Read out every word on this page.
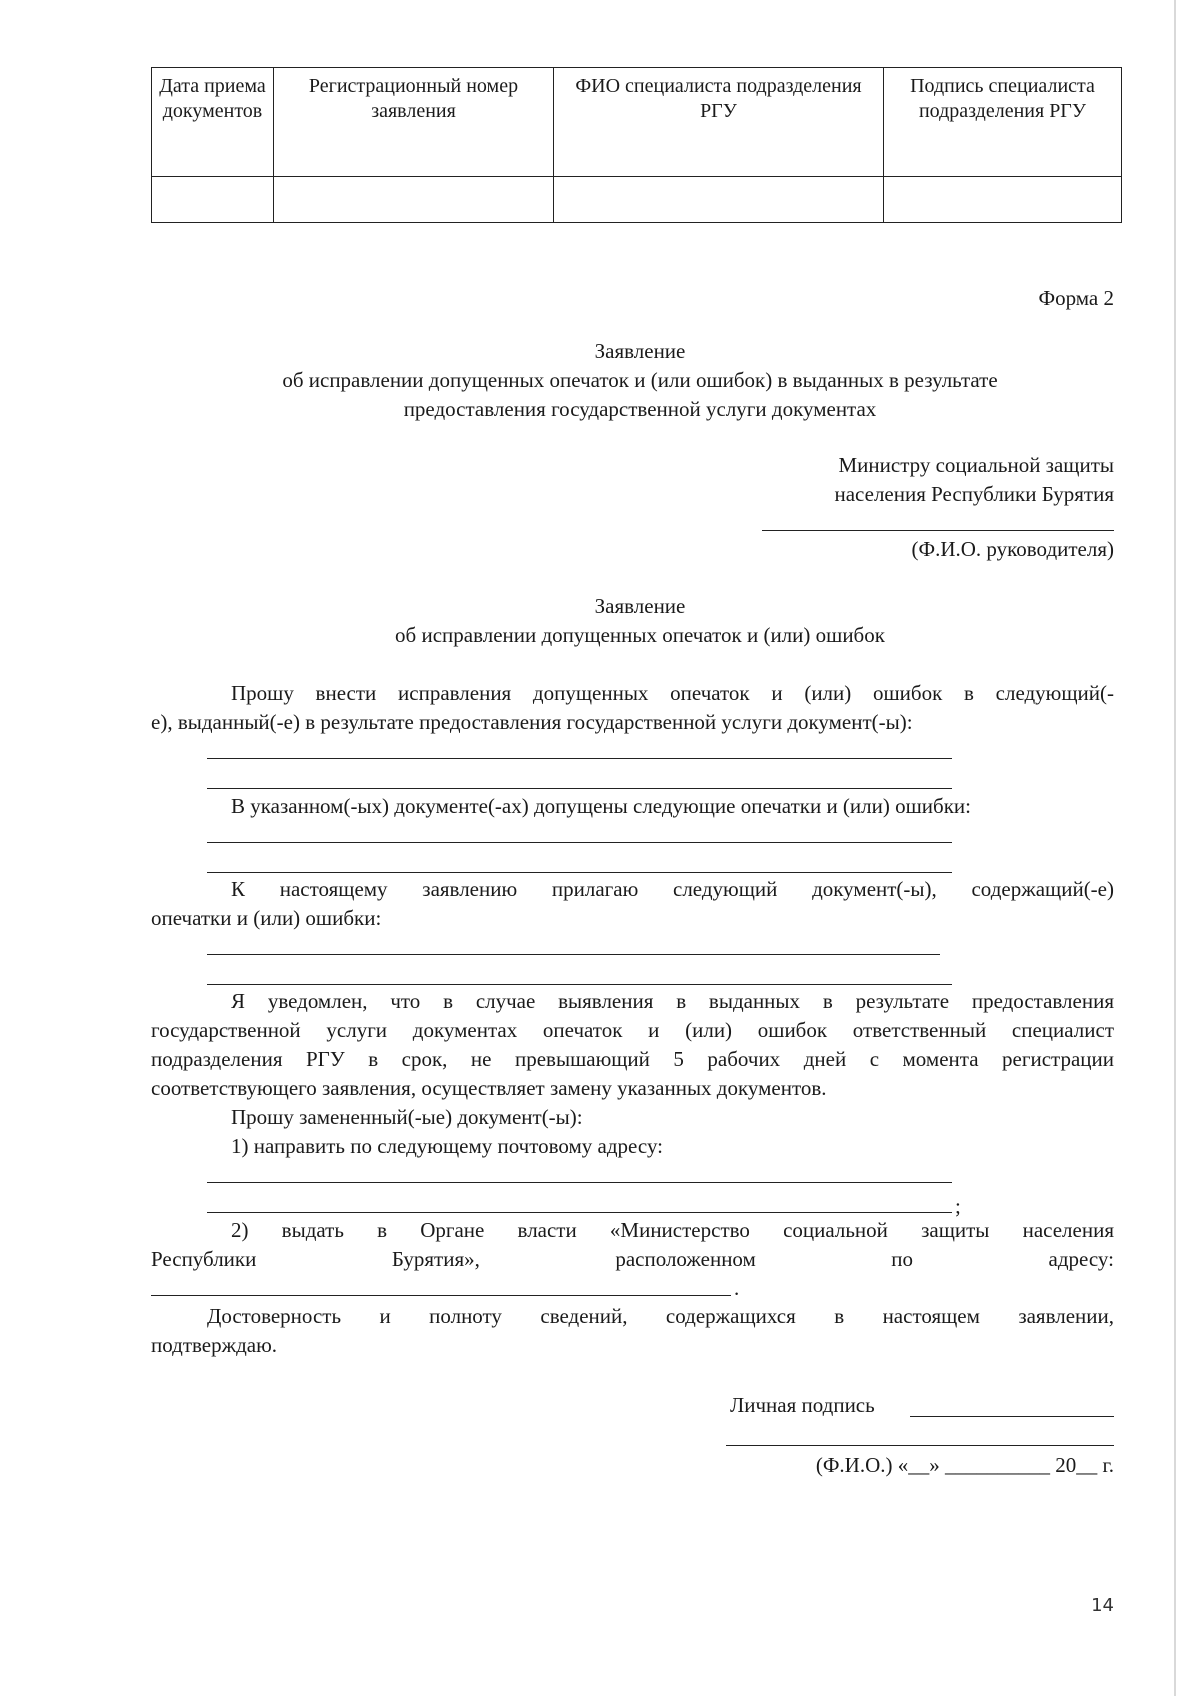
Дата приема документов	Регистрационный номер заявления	ФИО специалиста подразделения РГУ	Подпись специалиста подразделения РГУ

Форма 2
Заявление
об исправлении допущенных опечаток и (или ошибок) в выданных в результате
предоставления государственной услуги документах
Министру социальной защиты
населения Республики Бурятия
(Ф.И.О. руководителя)
Заявление
об исправлении допущенных опечаток и (или) ошибок
Прошу внести исправления допущенных опечаток и (или) ошибок в следующий(-
е), выданный(-е) в результате предоставления государственной услуги документ(-ы):
В указанном(-ых) документе(-ах) допущены следующие опечатки и (или) ошибки:
К настоящему заявлению прилагаю следующий документ(-ы), содержащий(-е)
опечатки и (или) ошибки:
Я уведомлен, что в случае выявления в выданных в результате предоставления
государственной услуги документах опечаток и (или) ошибок ответственный специалист
подразделения РГУ в срок, не превышающий 5 рабочих дней с момента регистрации
соответствующего заявления, осуществляет замену указанных документов.
Прошу замененный(-ые) документ(-ы):
1) направить по следующему почтовому адресу:
;
2) выдать в Органе власти «Министерство социальной защиты населения
Республики Бурятия», расположенном по адресу:
.
Достоверность и полноту сведений, содержащихся в настоящем заявлении,
подтверждаю.
Личная подпись
(Ф.И.О.) «__» __________ 20__ г.
14
